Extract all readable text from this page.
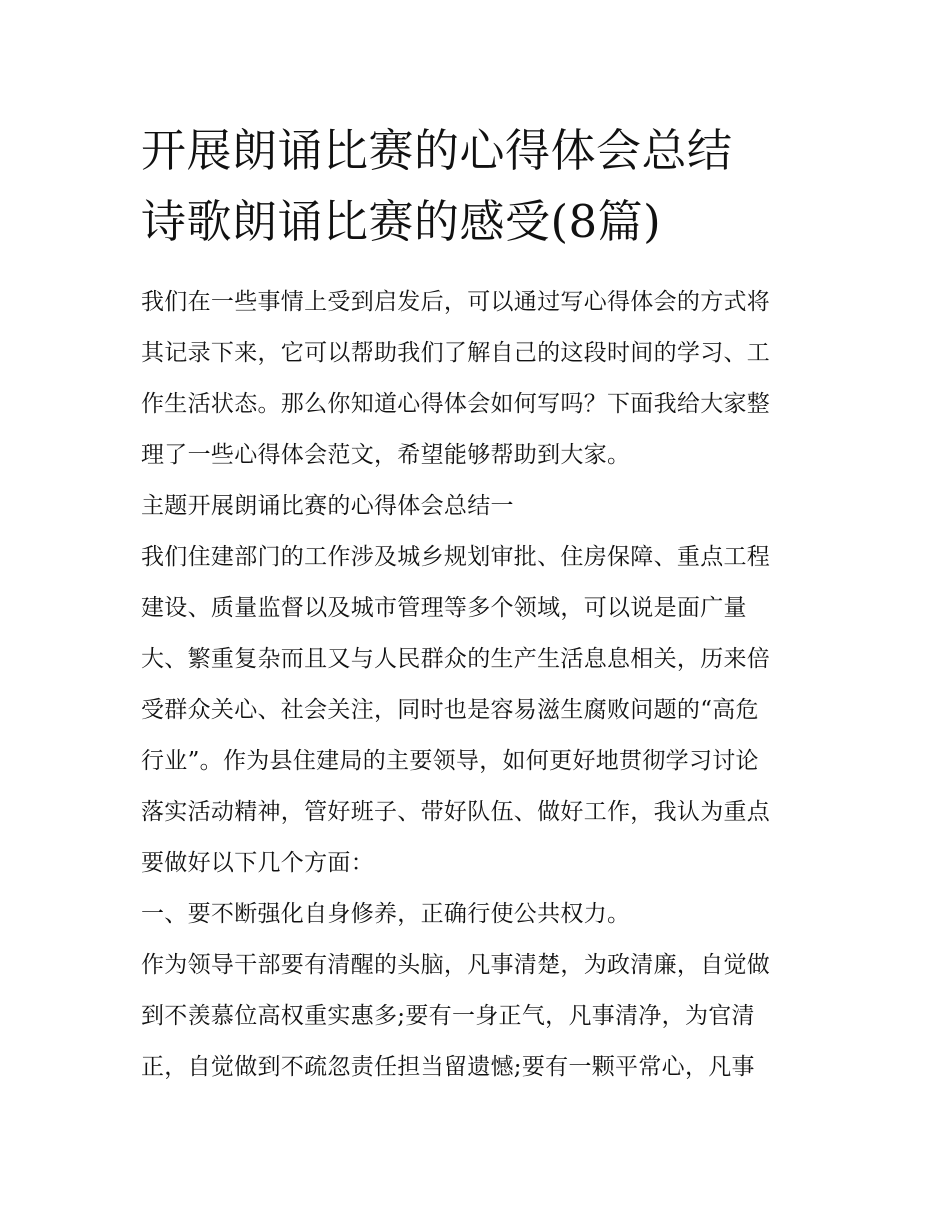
开展朗诵比赛的心得体会总结
诗歌朗诵比赛的感受(8篇)
我们在一些事情上受到启发后，可以通过写心得体会的方式将
其记录下来，它可以帮助我们了解自己的这段时间的学习、工
作生活状态。那么你知道心得体会如何写吗？下面我给大家整
理了一些心得体会范文，希望能够帮助到大家。
主题开展朗诵比赛的心得体会总结一
我们住建部门的工作涉及城乡规划审批、住房保障、重点工程
建设、质量监督以及城市管理等多个领域，可以说是面广量
大、繁重复杂而且又与人民群众的生产生活息息相关，历来倍
受群众关心、社会关注，同时也是容易滋生腐败问题的“高危
行业”。作为县住建局的主要领导，如何更好地贯彻学习讨论
落实活动精神，管好班子、带好队伍、做好工作，我认为重点
要做好以下几个方面：
一、要不断强化自身修养，正确行使公共权力。
作为领导干部要有清醒的头脑，凡事清楚，为政清廉，自觉做
到不羡慕位高权重实惠多;要有一身正气，凡事清净，为官清
正，自觉做到不疏忽责任担当留遗憾;要有一颗平常心，凡事
